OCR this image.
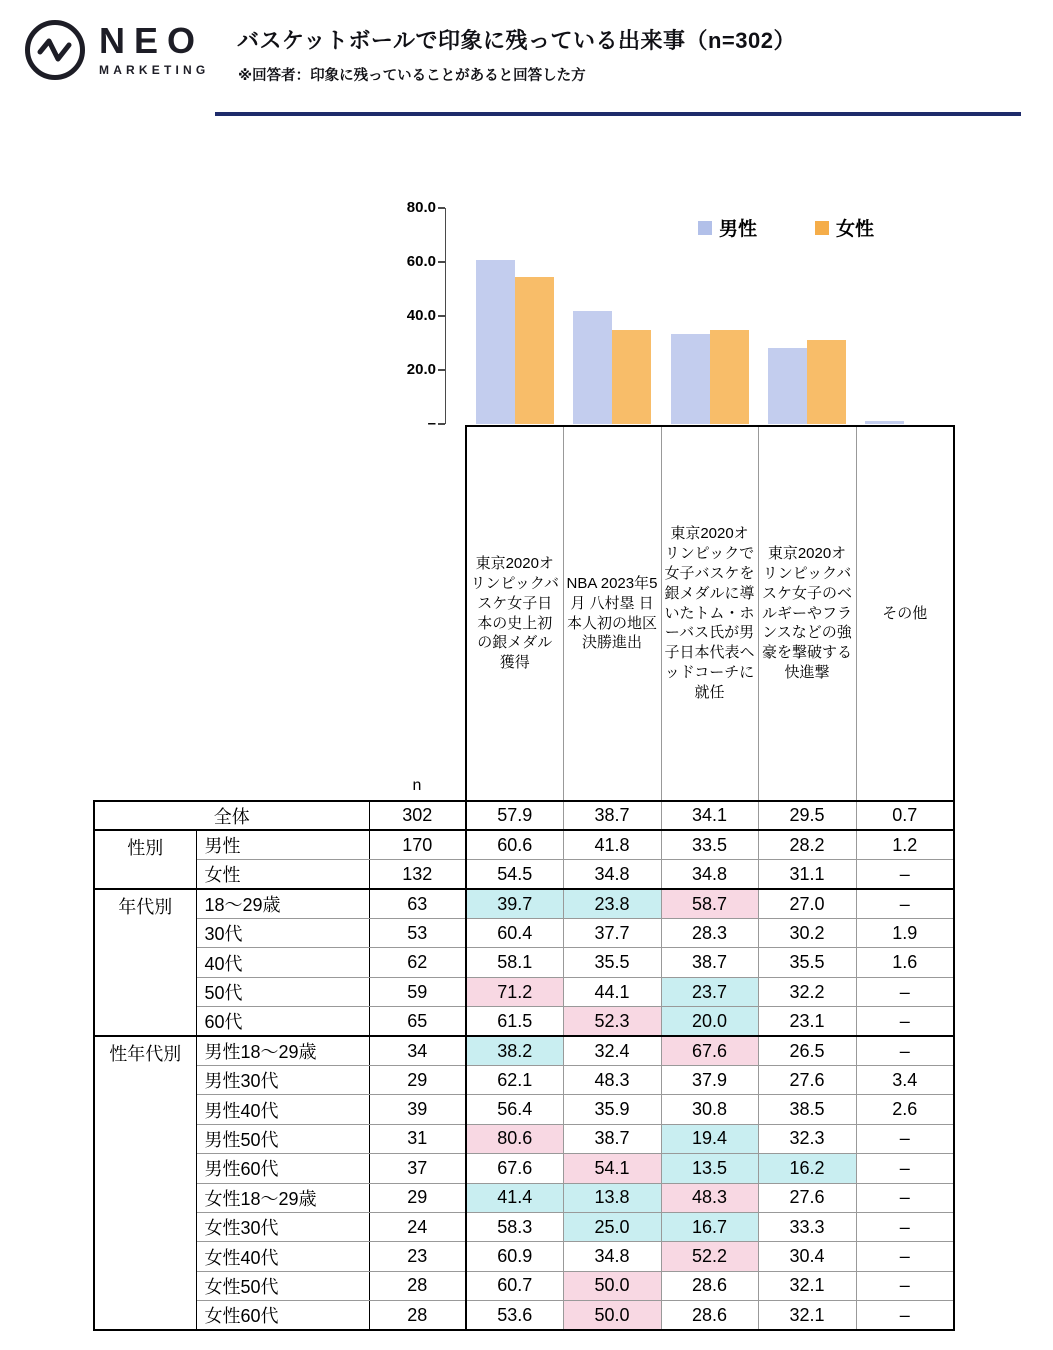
NEO
MARKETING
バスケットボールで印象に残っている出来事（n=302）
※回答者：印象に残っていることがあると回答した方
男性	女性
80.0
60.0
40.0
20.0
–
		n	東京2020オリンピックバスケ女子日本の史上初の銀メダル獲得	NBA 2023年5月 八村塁 日本人初の地区決勝進出	東京2020オリンピックで女子バスケを銀メダルに導いたトム・ホーバス氏が男子日本代表ヘッドコーチに就任	東京2020オリンピックバスケ女子のベルギーやフランスなどの強豪を撃破する快進撃	その他
全体		302	57.9	38.7	34.1	29.5	0.7
性別	男性	170	60.6	41.8	33.5	28.2	1.2
	女性	132	54.5	34.8	34.8	31.1	–
年代別	18～29歳	63	39.7	23.8	58.7	27.0	–
	30代	53	60.4	37.7	28.3	30.2	1.9
	40代	62	58.1	35.5	38.7	35.5	1.6
	50代	59	71.2	44.1	23.7	32.2	–
	60代	65	61.5	52.3	20.0	23.1	–
性年代別	男性18～29歳	34	38.2	32.4	67.6	26.5	–
	男性30代	29	62.1	48.3	37.9	27.6	3.4
	男性40代	39	56.4	35.9	30.8	38.5	2.6
	男性50代	31	80.6	38.7	19.4	32.3	–
	男性60代	37	67.6	54.1	13.5	16.2	–
	女性18～29歳	29	41.4	13.8	48.3	27.6	–
	女性30代	24	58.3	25.0	16.7	33.3	–
	女性40代	23	60.9	34.8	52.2	30.4	–
	女性50代	28	60.7	50.0	28.6	32.1	–
	女性60代	28	53.6	50.0	28.6	32.1	–
